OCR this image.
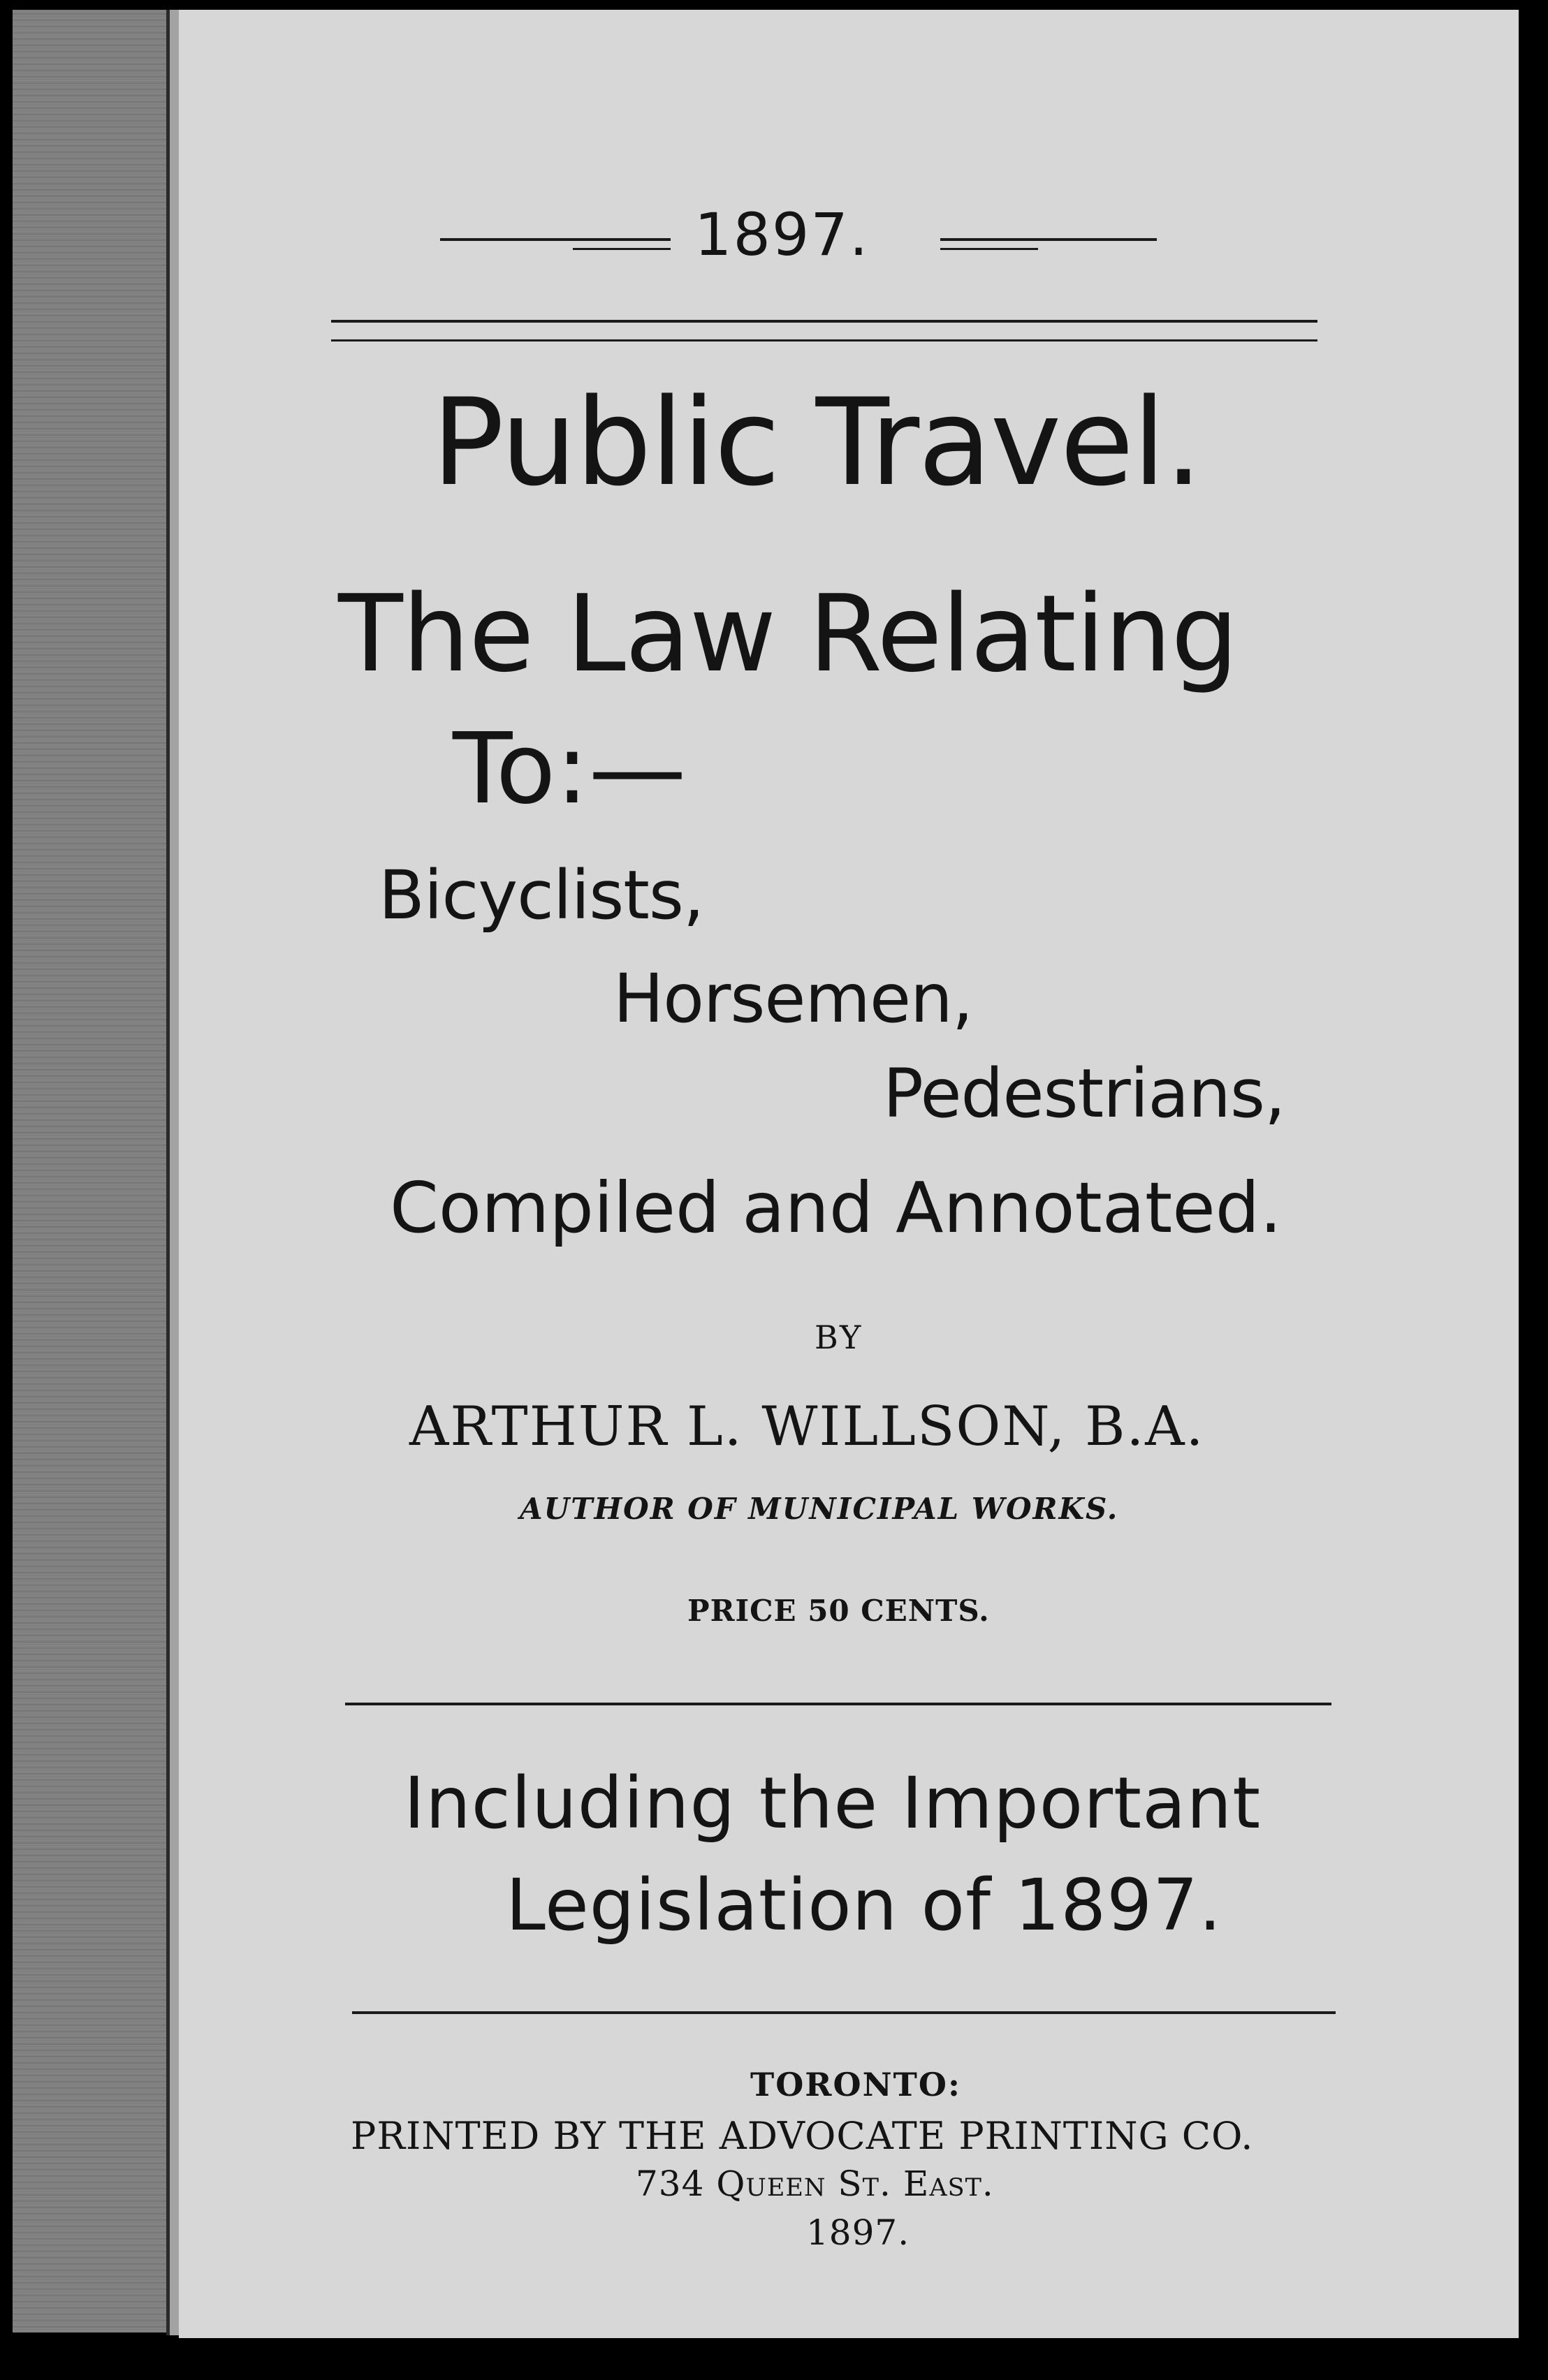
1897.

Public Travel.

The Law Relating

To:—

Bicyclists,

Horsemen,

Pedestrians,

Compiled and Annotated.

BY

ARTHUR L. WILLSON, B.A.

AUTHOR OF MUNICIPAL WORKS.

PRICE 50 CENTS.

Including the Important

Legislation of 1897.

TORONTO:

PRINTED BY THE ADVOCATE PRINTING CO.

734 Queen St. East.

1897.
